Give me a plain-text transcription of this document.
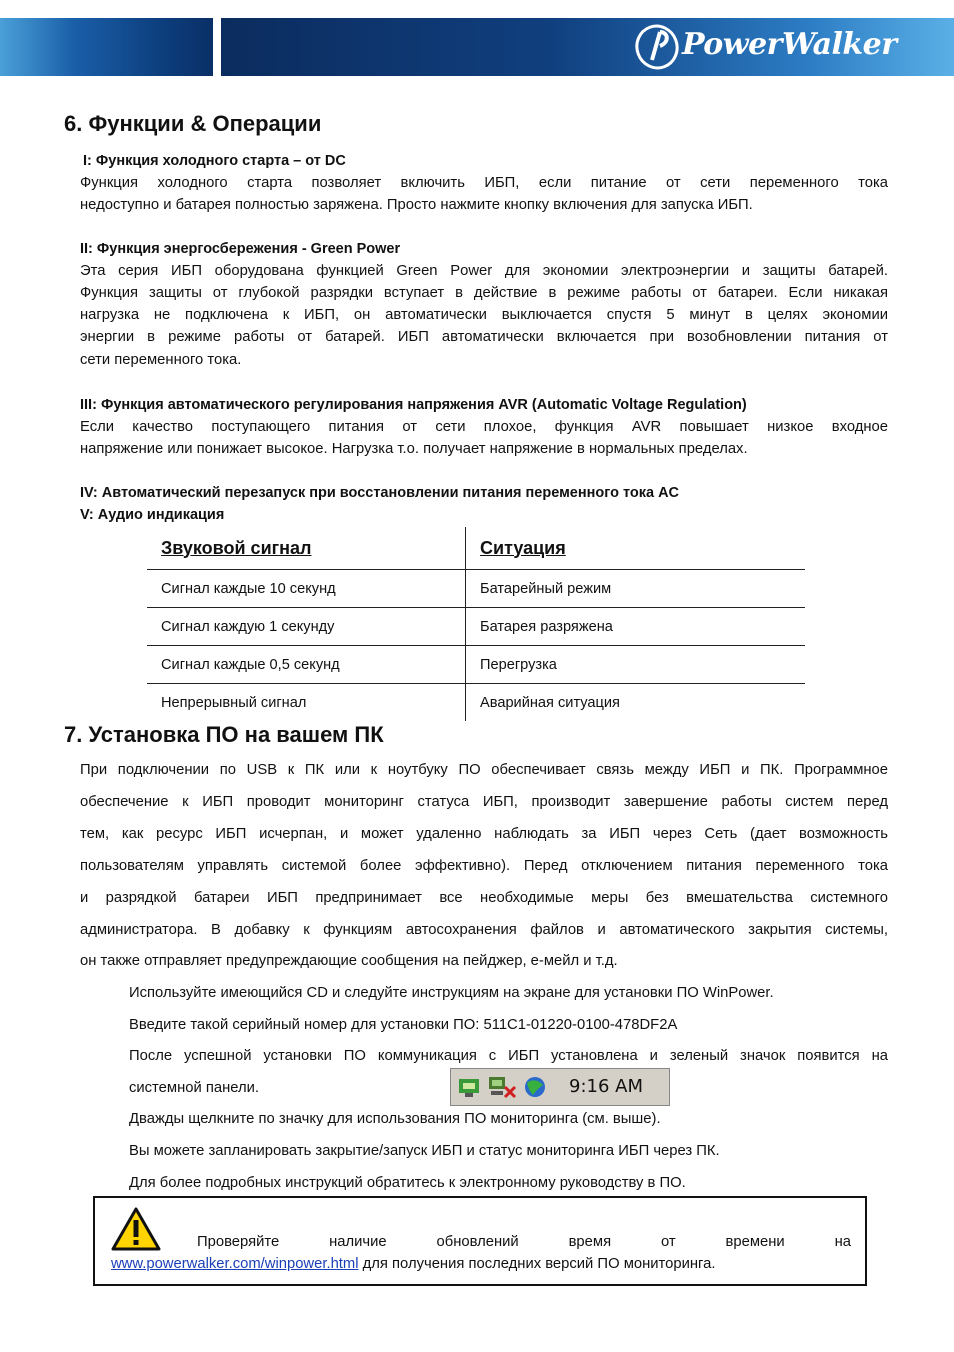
PowerWalker
6. Функции & Операции

I: Функция холодного старта – от DC

Функция холодного старта позволяет включить ИБП, если питание от сети переменного тока
недоступно и батарея полностью заряжена. Просто нажмите кнопку включения для запуска ИБП.

II: Функция энергосбережения - Green Power

Эта серия ИБП оборудована функцией Green Power для экономии электроэнергии и защиты батарей.
Функция защиты от глубокой разрядки вступает в действие в режиме работы от батареи. Если никакая
нагрузка не подключена к ИБП, он автоматически выключается спустя 5 минут в целях экономии
энергии в режиме работы от батарей. ИБП автоматически включается при возобновлении питания от
сети переменного тока.

III: Функция автоматического регулирования напряжения AVR (Automatic Voltage Regulation)

Если качество поступающего питания от сети плохое, функция AVR повышает низкое входное
напряжение или понижает высокое. Нагрузка т.о. получает напряжение в нормальных пределах.

IV: Автоматический перезапуск при восстановлении питания переменного тока AC

V: Аудио индикация

Звуковой сигнал	Ситуация
Сигнал каждые 10 секунд	Батарейный режим
Сигнал каждую 1 секунду	Батарея разряжена
Сигнал каждые 0,5 секунд	Перегрузка
Непрерывный сигнал	Аварийная ситуация
7. Установка ПО на вашем ПК
При подключении по USB к ПК или к ноутбуку ПО обеспечивает связь между ИБП и ПК. Программное
обеспечение к ИБП проводит мониторинг статуса ИБП, производит завершение работы систем перед
тем, как ресурс ИБП исчерпан, и может удаленно наблюдать за ИБП через Сеть (дает возможность
пользователям управлять системой более эффективно). Перед отключением питания переменного тока
и разрядкой батареи ИБП предпринимает все необходимые меры без вмешательства системного
администратора. В добавку к функциям автосохранения файлов и автоматического закрытия системы,
он также отправляет предупреждающие сообщения на пейджер, e-мейл и т.д.
Используйте имеющийся CD и следуйте инструкциям на экране для установки ПО WinPower.
Введите такой серийный номер для установки ПО: 511C1-01220-0100-478DF2A
После успешной установки ПО коммуникация с ИБП установлена и зеленый значок появится на
системной панели.	9:16 AM
Дважды щелкните по значку для использования ПО мониторинга (см. выше).
Вы можете запланировать закрытие/запуск ИБП и статус мониторинга ИБП через ПК.
Для более подробных инструкций обратитесь к электронному руководству в ПО.
Проверяйте наличие обновлений время от времени на
www.powerwalker.com/winpower.html для получения последних версий ПО мониторинга.
